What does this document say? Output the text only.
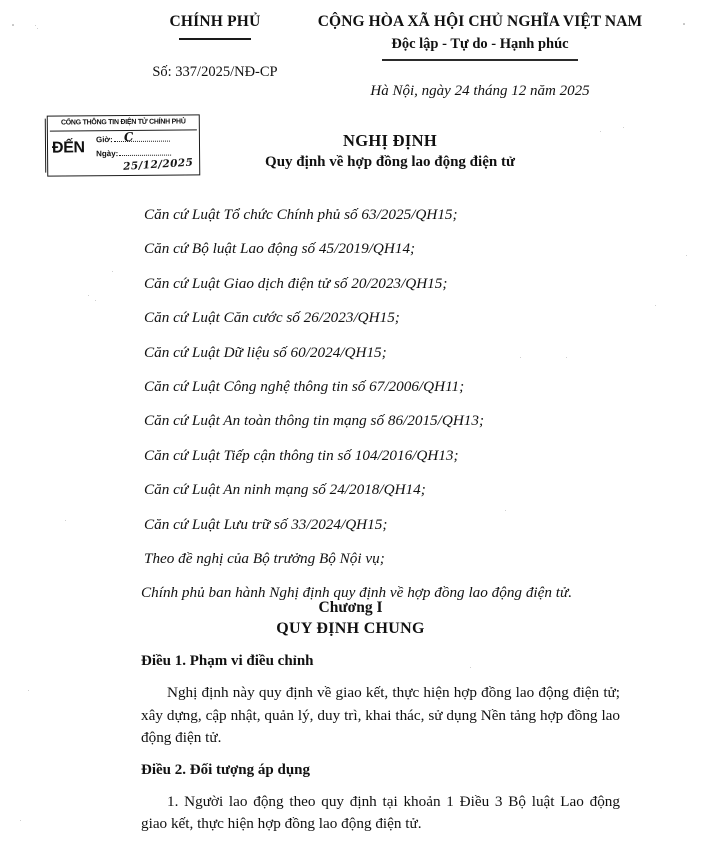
CHÍNH PHỦ
Số: 337/2025/NĐ-CP
CỘNG HÒA XÃ HỘI CHỦ NGHĨA VIỆT NAM
Độc lập - Tự do - Hạnh phúc
Hà Nội, ngày 24 tháng 12 năm 2025
CỔNG THÔNG TIN ĐIỆN TỬ CHÍNH PHỦ
ĐẾN Giờ: C
Ngày:
25/12/2025
NGHỊ ĐỊNH
Quy định về hợp đồng lao động điện tử
Căn cứ Luật Tổ chức Chính phủ số 63/2025/QH15;
Căn cứ Bộ luật Lao động số 45/2019/QH14;
Căn cứ Luật Giao dịch điện tử số 20/2023/QH15;
Căn cứ Luật Căn cước số 26/2023/QH15;
Căn cứ Luật Dữ liệu số 60/2024/QH15;
Căn cứ Luật Công nghệ thông tin số 67/2006/QH11;
Căn cứ Luật An toàn thông tin mạng số 86/2015/QH13;
Căn cứ Luật Tiếp cận thông tin số 104/2016/QH13;
Căn cứ Luật An ninh mạng số 24/2018/QH14;
Căn cứ Luật Lưu trữ số 33/2024/QH15;
Theo đề nghị của Bộ trưởng Bộ Nội vụ;
Chính phủ ban hành Nghị định quy định về hợp đồng lao động điện tử.
Chương I
QUY ĐỊNH CHUNG
Điều 1. Phạm vi điều chỉnh
Nghị định này quy định về giao kết, thực hiện hợp đồng lao động điện tử; xây dựng, cập nhật, quản lý, duy trì, khai thác, sử dụng Nền tảng hợp đồng lao động điện tử.
Điều 2. Đối tượng áp dụng
1. Người lao động theo quy định tại khoản 1 Điều 3 Bộ luật Lao động giao kết, thực hiện hợp đồng lao động điện tử.
